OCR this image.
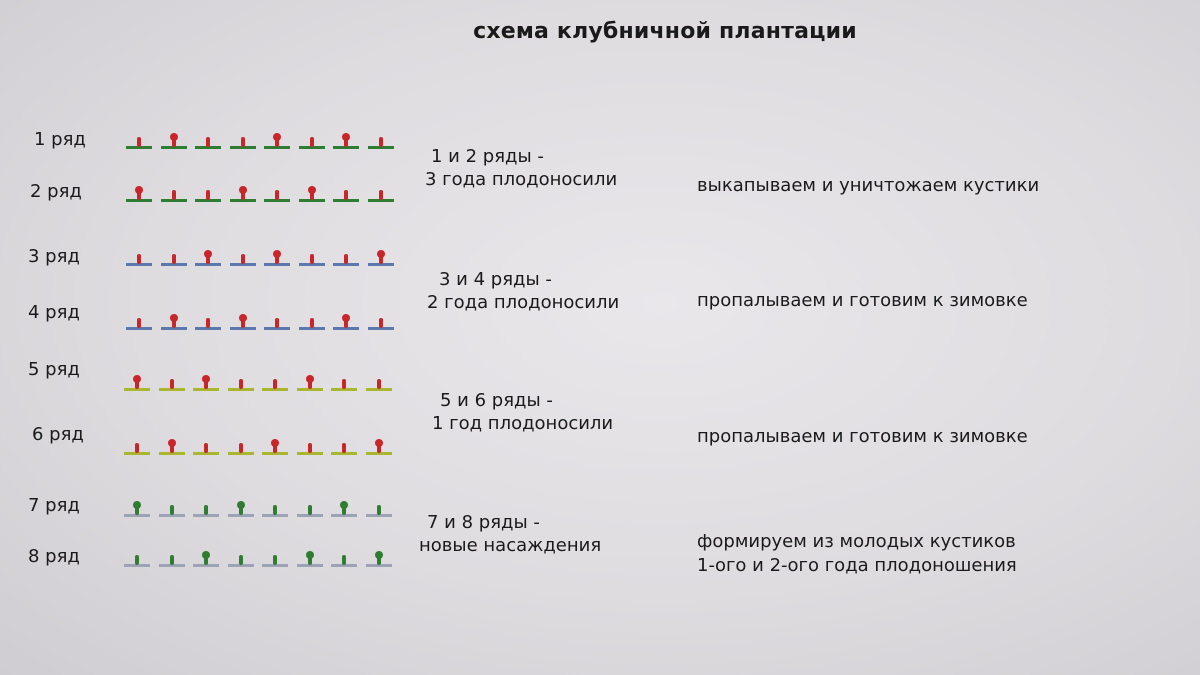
схема клубничной плантации
1 ряд
2 ряд
3 ряд
4 ряд
5 ряд
6 ряд
7 ряд
8 ряд
1 и 2 ряды -
3 года плодоносили
3 и 4 ряды -
2 года плодоносили
5 и 6 ряды -
1 год плодоносили
7 и 8 ряды -
новые насаждения
выкапываем и уничтожаем кустики
пропалываем и готовим к зимовке
пропалываем и готовим к зимовке
формируем из молодых кустиков
1-ого и 2-ого года плодоношения
